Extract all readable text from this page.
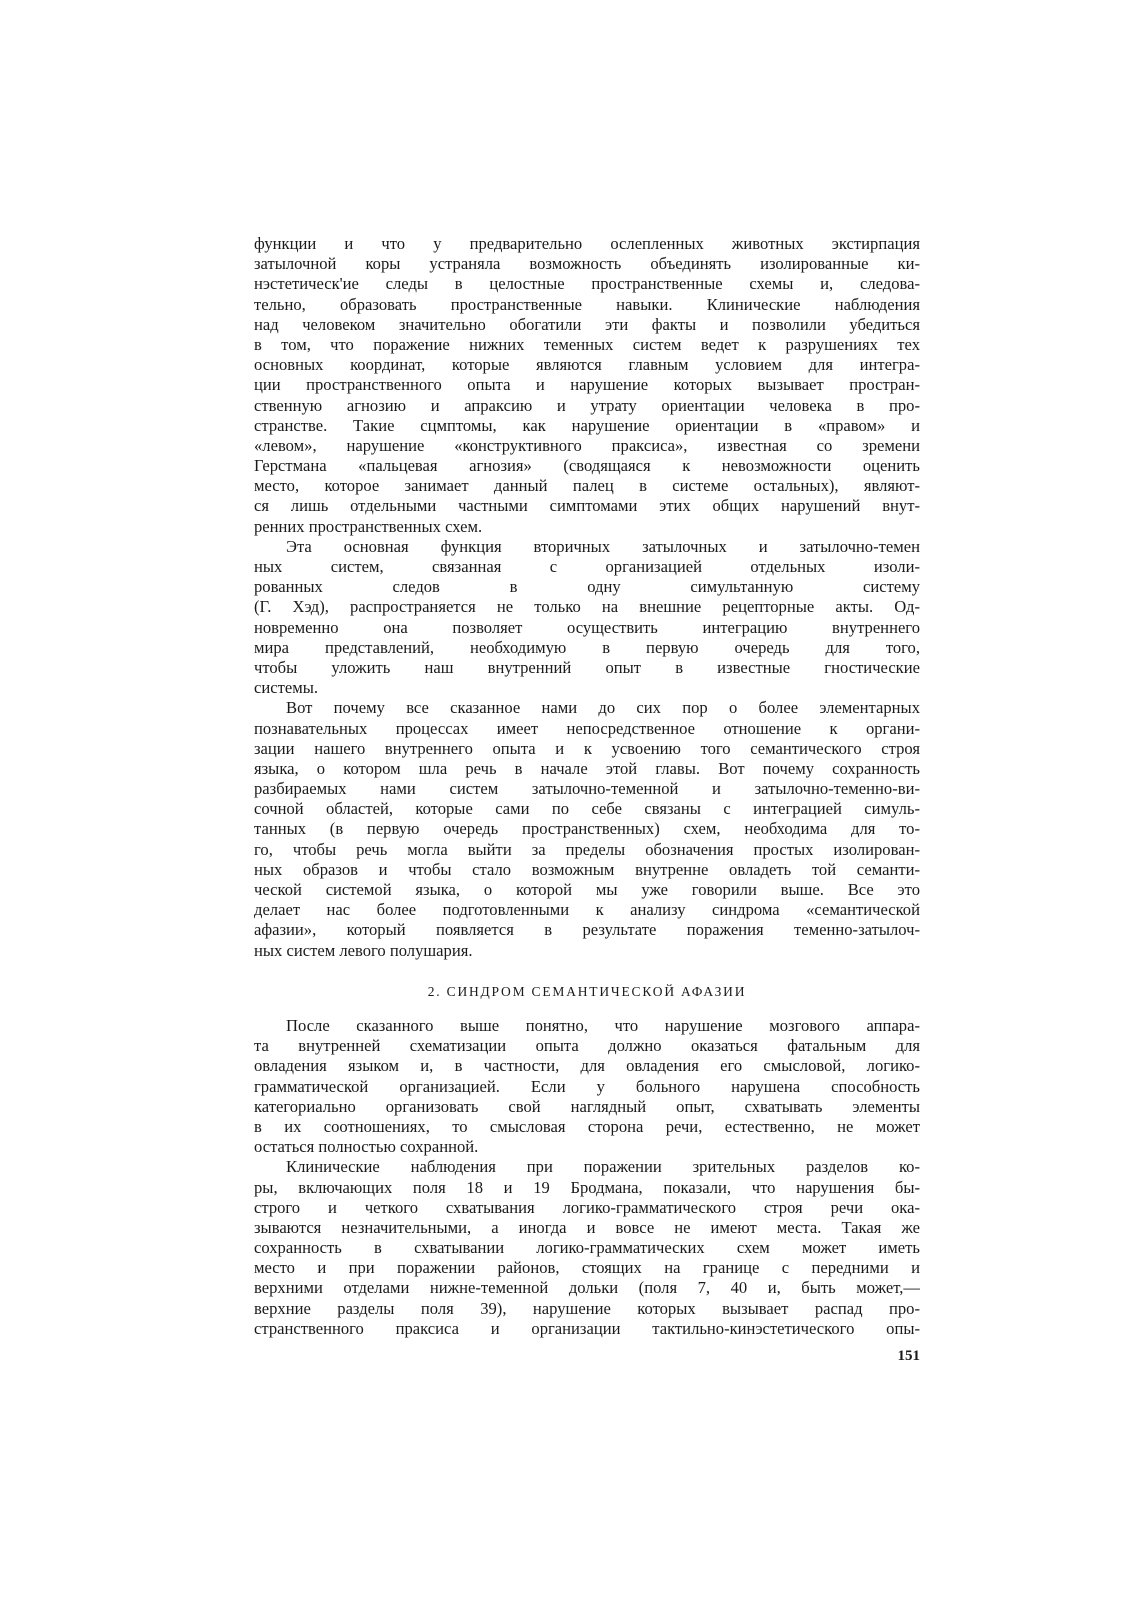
функции и что у предварительно ослепленных животных экстирпация
затылочной коры устраняла возможность объединять изолированные ки-
нэстетическ'ие следы в целостные пространственные схемы и, следова-
тельно, образовать пространственные навыки. Клинические наблюдения
над человеком значительно обогатили эти факты и позволили убедиться
в том, что поражение нижних теменных систем ведет к разрушениях тех
основных координат, которые являются главным условием для интегра-
ции пространственного опыта и нарушение которых вызывает простран-
ственную агнозию и апраксию и утрату ориентации человека в про-
странстве. Такие сцмптомы, как нарушение ориентации в «правом» и
«левом», нарушение «конструктивного праксиса», известная со зремени
Герстмана «пальцевая агнозия» (сводящаяся к невозможности оценить
место, которое занимает данный палец в системе остальных), являют-
ся лишь отдельными частными симптомами этих общих нарушений внут-
ренних пространственных схем.
Эта основная функция вторичных затылочных и затылочно-темен
ных систем, связанная с организацией отдельных изоли-
рованных следов в одну симультанную систему
(Г. Хэд), распространяется не только на внешние рецепторные акты. Од-
новременно она позволяет осуществить интеграцию внутреннего
мира представлений, необходимую в первую очередь для того,
чтобы уложить наш внутренний опыт в известные гностические
системы.
Вот почему все сказанное нами до сих пор о более элементарных
познавательных процессах имеет непосредственное отношение к органи-
зации нашего внутреннего опыта и к усвоению того семантического строя
языка, о котором шла речь в начале этой главы. Вот почему сохранность
разбираемых нами систем затылочно-теменной и затылочно-теменно-ви-
сочной областей, которые сами по себе связаны с интеграцией симуль-
танных (в первую очередь пространственных) схем, необходима для то-
го, чтобы речь могла выйти за пределы обозначения простых изолирован-
ных образов и чтобы стало возможным внутренне овладеть той семанти-
ческой системой языка, о которой мы уже говорили выше. Все это
делает нас более подготовленными к анализу синдрома «семантической
афазии», который появляется в результате поражения теменно-затылоч-
ных систем левого полушария.
2. СИНДРОМ СЕМАНТИЧЕСКОЙ АФАЗИИ
После сказанного выше понятно, что нарушение мозгового аппара-
та внутренней схематизации опыта должно оказаться фатальным для
овладения языком и, в частности, для овладения его смысловой, логико-
грамматической организацией. Если у больного нарушена способность
категориально организовать свой наглядный опыт, схватывать элементы
в их соотношениях, то смысловая сторона речи, естественно, не может
остаться полностью сохранной.
Клинические наблюдения при поражении зрительных разделов ко-
ры, включающих поля 18 и 19 Бродмана, показали, что нарушения бы-
строго и четкого схватывания логико-грамматического строя речи ока-
зываются незначительными, а иногда и вовсе не имеют места. Такая же
сохранность в схватывании логико-грамматических схем может иметь
место и при поражении районов, стоящих на границе с передними и
верхними отделами нижне-теменной дольки (поля 7, 40 и, быть может,—
верхние разделы поля 39), нарушение которых вызывает распад про-
странственного праксиса и организации тактильно-кинэстетического опы-
151
